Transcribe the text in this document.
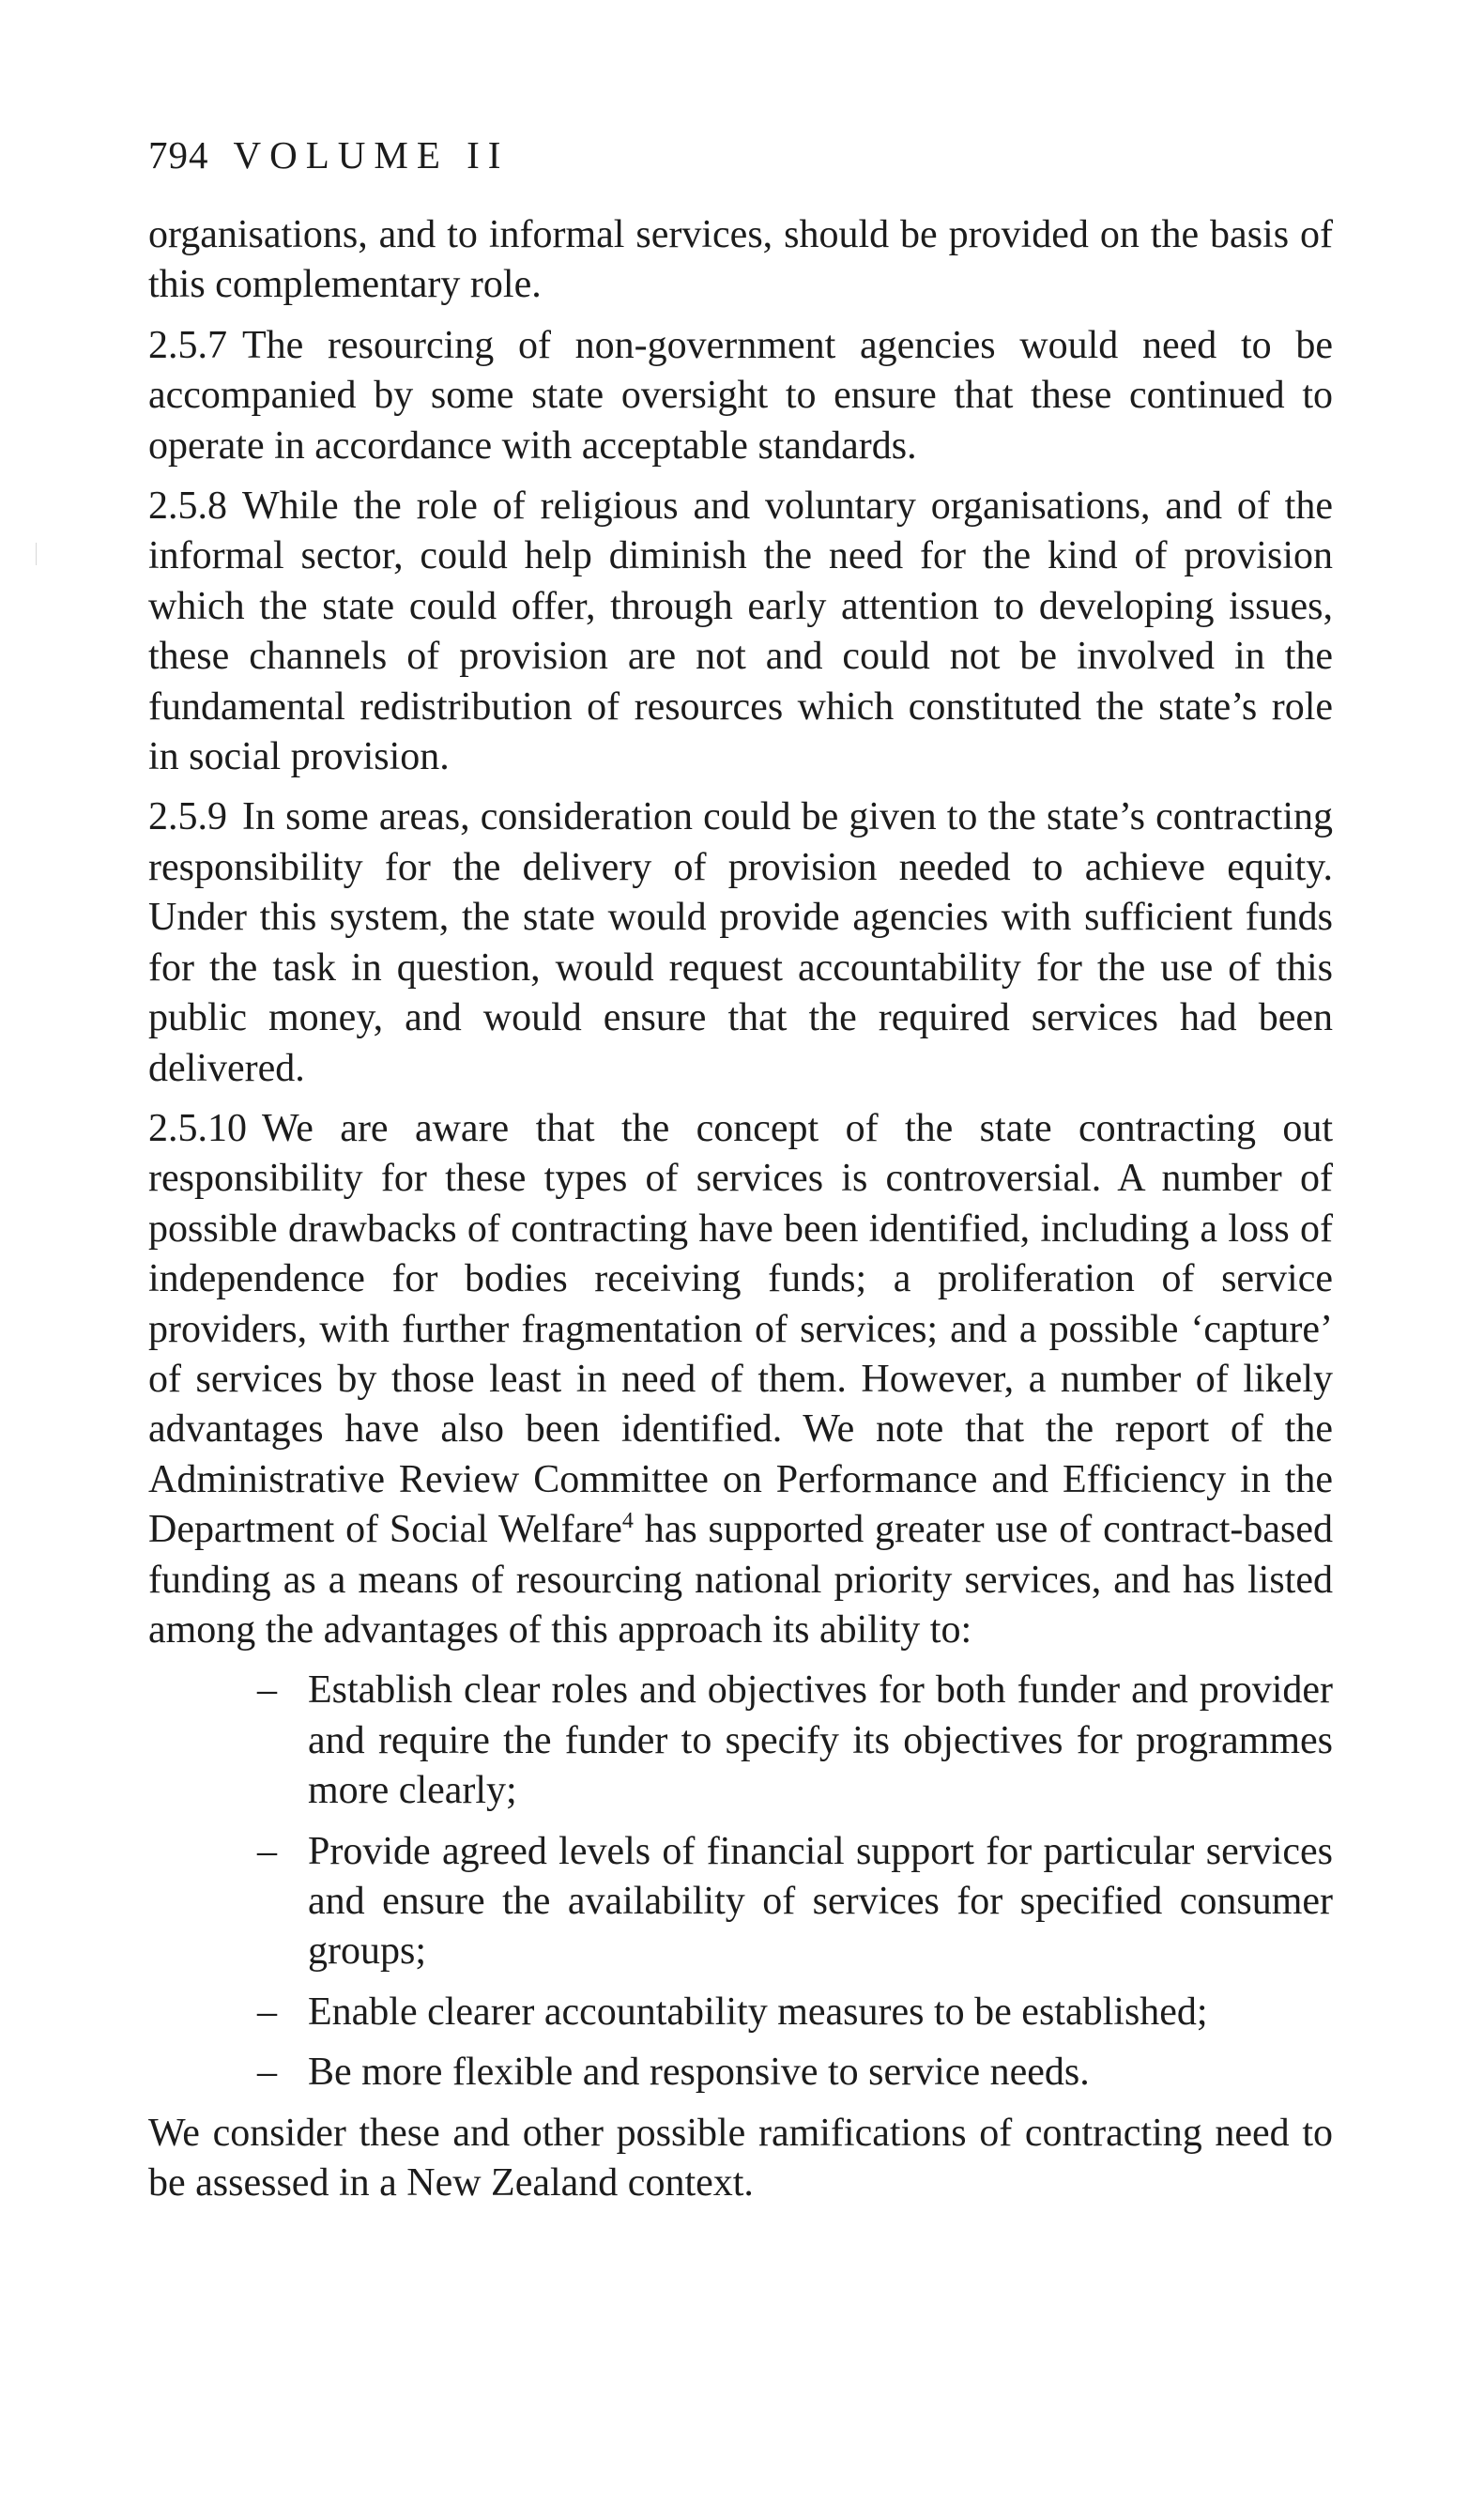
794 VOLUME II

organisations, and to informal services, should be provided on the basis of this complementary role.

2.5.7 The resourcing of non-government agencies would need to be accompanied by some state oversight to ensure that these continued to operate in accordance with acceptable standards.

2.5.8 While the role of religious and voluntary organisations, and of the informal sector, could help diminish the need for the kind of provision which the state could offer, through early attention to developing issues, these channels of provision are not and could not be involved in the fundamental redistribution of resources which constituted the state’s role in social provision.

2.5.9 In some areas, consideration could be given to the state’s contracting responsibility for the delivery of provision needed to achieve equity. Under this system, the state would provide agencies with sufficient funds for the task in question, would request accountability for the use of this public money, and would ensure that the required services had been delivered.

2.5.10 We are aware that the concept of the state contracting out responsibility for these types of services is controversial. A number of possible drawbacks of contracting have been identified, including a loss of independence for bodies receiving funds; a proliferation of service providers, with further fragmentation of services; and a possible ‘capture’ of services by those least in need of them. However, a number of likely advantages have also been identified. We note that the report of the Administrative Review Committee on Performance and Efficiency in the Department of Social Welfare$^4$ has supported greater use of contract-based funding as a means of resourcing national priority services, and has listed among the advantages of this approach its ability to:

– Establish clear roles and objectives for both funder and provider and require the funder to specify its objectives for programmes more clearly;
– Provide agreed levels of financial support for particular services and ensure the availability of services for specified consumer groups;
– Enable clearer accountability measures to be established;
– Be more flexible and responsive to service needs.

We consider these and other possible ramifications of contracting need to be assessed in a New Zealand context.
